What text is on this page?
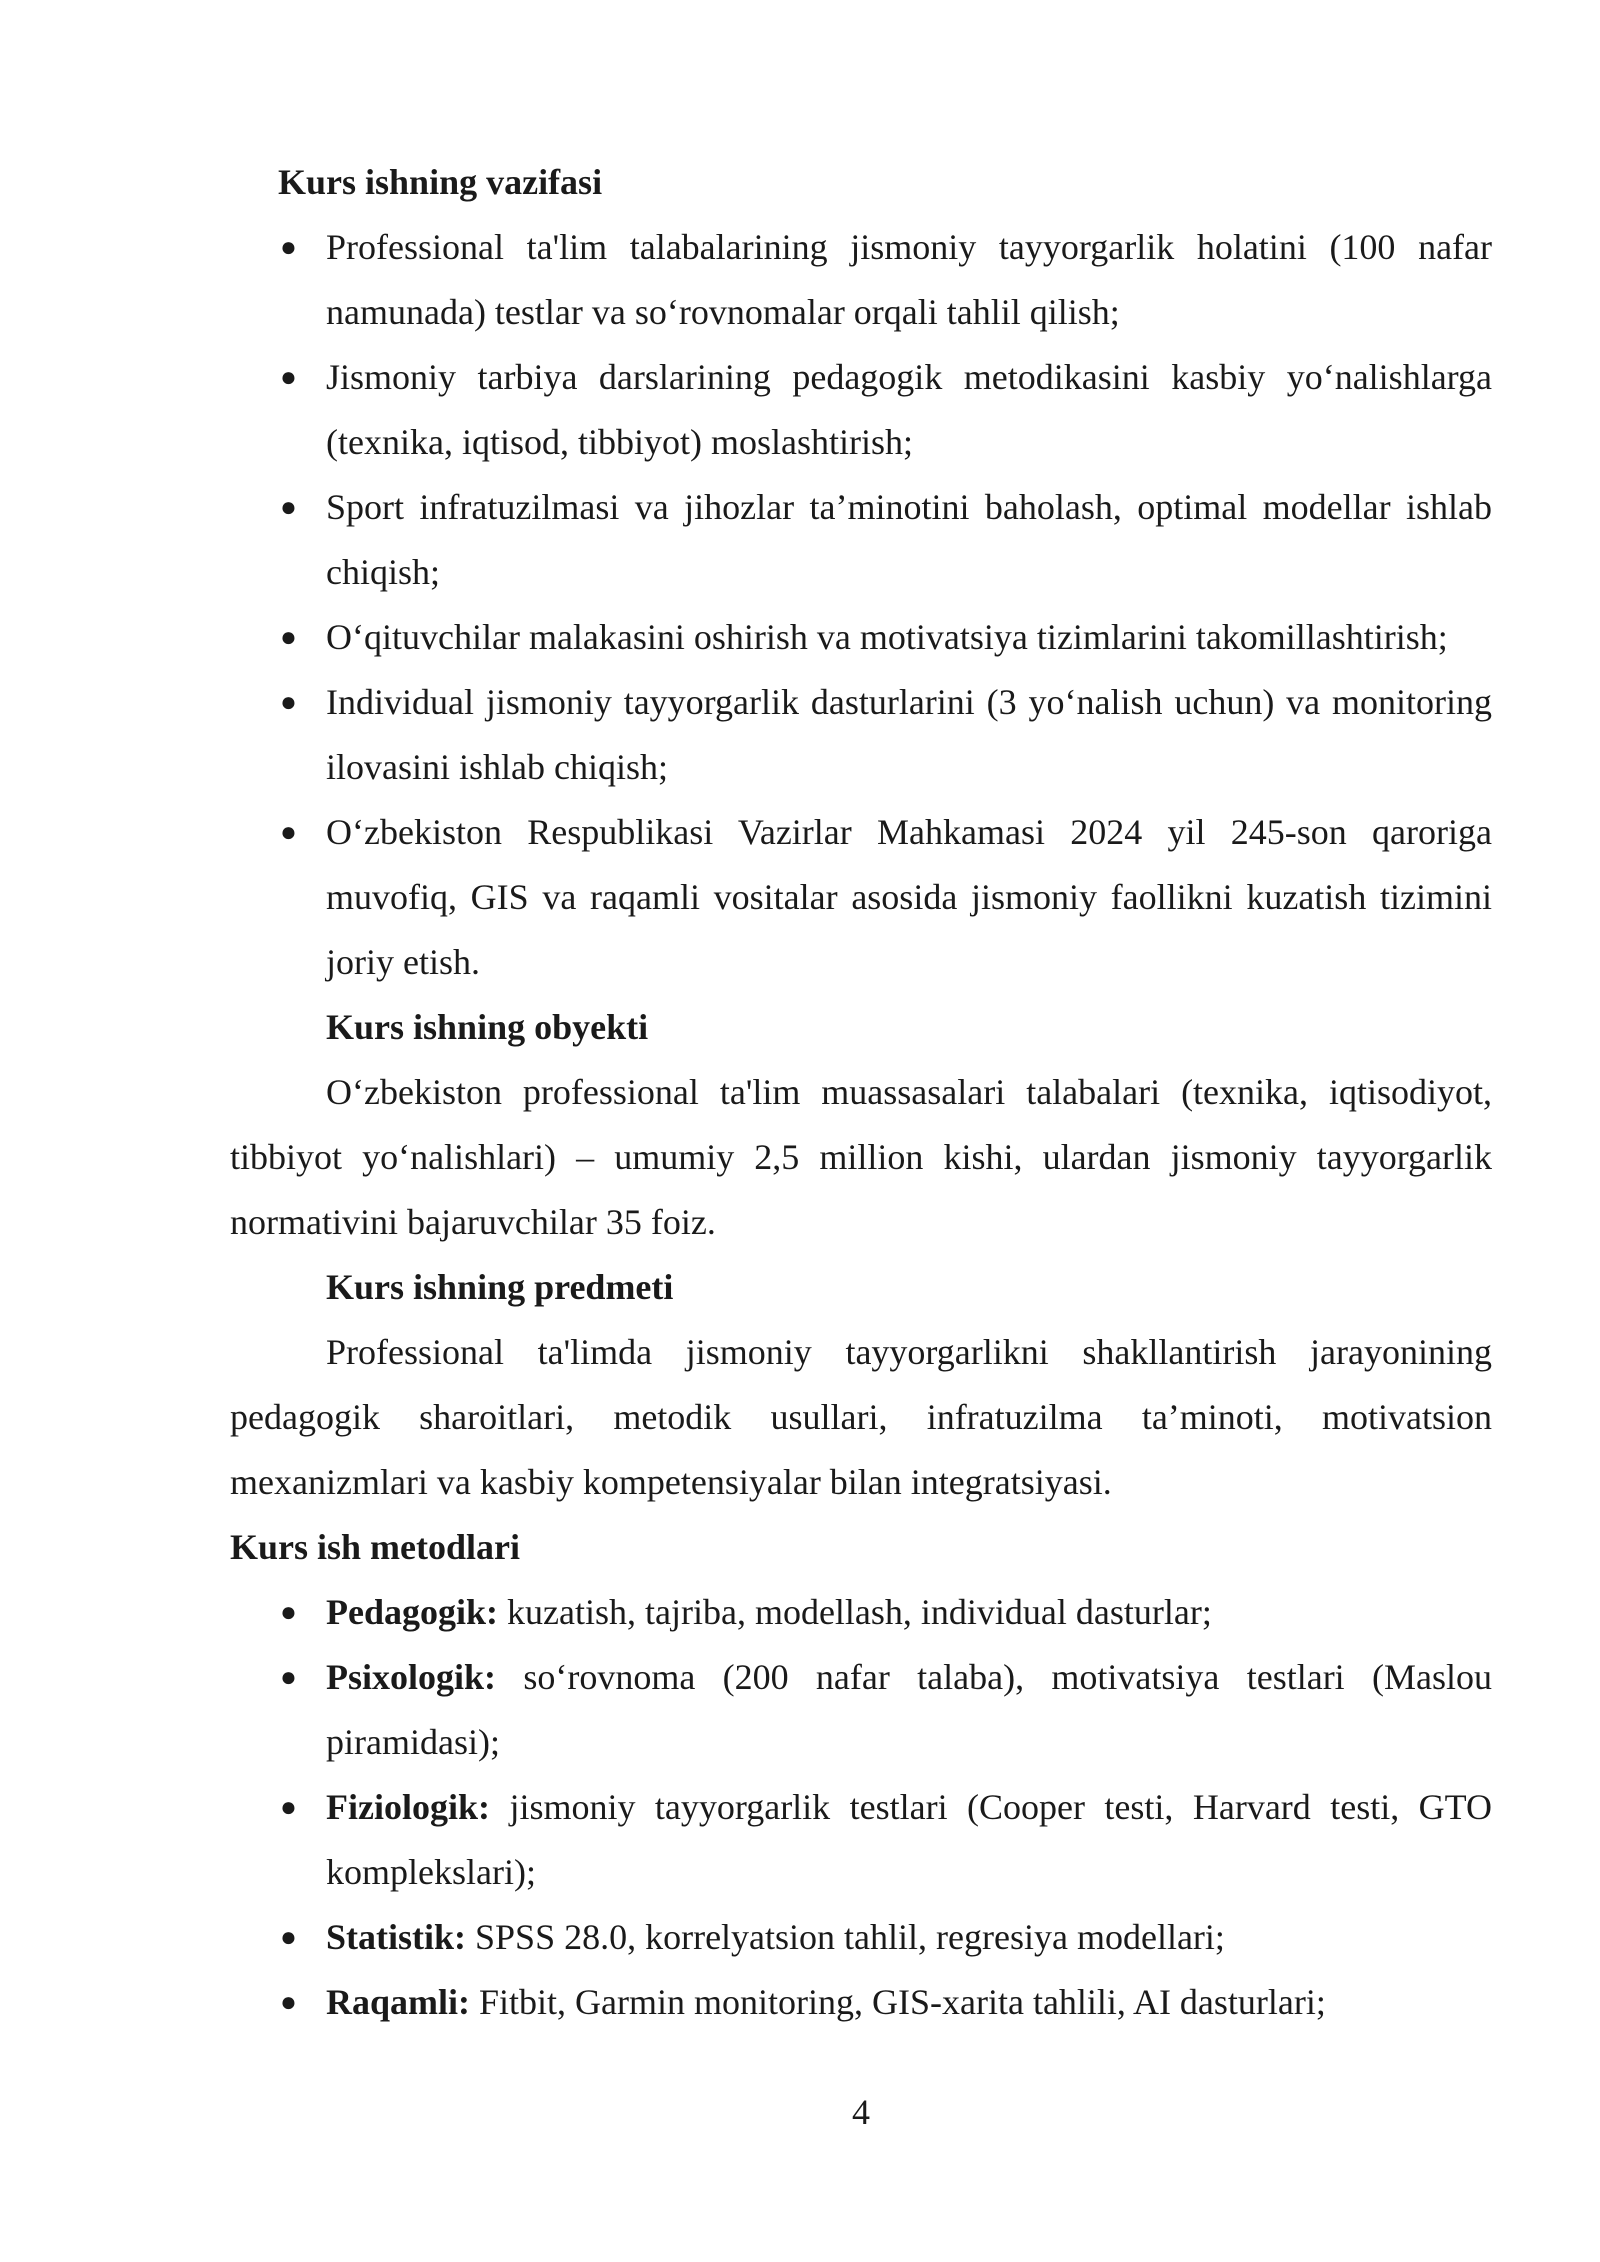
Kurs ishning vazifasi

● Professional ta'lim talabalarining jismoniy tayyorgarlik holatini (100 nafar namunada) testlar va so‘rovnomalar orqali tahlil qilish;
● Jismoniy tarbiya darslarining pedagogik metodikasini kasbiy yo‘nalishlarga (texnika, iqtisod, tibbiyot) moslashtirish;
● Sport infratuzilmasi va jihozlar ta’minotini baholash, optimal modellar ishlab chiqish;
● O‘qituvchilar malakasini oshirish va motivatsiya tizimlarini takomillashtirish;
● Individual jismoniy tayyorgarlik dasturlarini (3 yo‘nalish uchun) va monitoring ilovasini ishlab chiqish;
● O‘zbekiston Respublikasi Vazirlar Mahkamasi 2024 yil 245-son qaroriga muvofiq, GIS va raqamli vositalar asosida jismoniy faollikni kuzatish tizimini joriy etish.

Kurs ishning obyekti

O‘zbekiston professional ta'lim muassasalari talabalari (texnika, iqtisodiyot, tibbiyot yo‘nalishlari) – umumiy 2,5 million kishi, ulardan jismoniy tayyorgarlik normativini bajaruvchilar 35 foiz.

Kurs ishning predmeti

Professional ta'limda jismoniy tayyorgarlikni shakllantirish jarayonining pedagogik sharoitlari, metodik usullari, infratuzilma ta’minoti, motivatsion mexanizmlari va kasbiy kompetensiyalar bilan integratsiyasi.

Kurs ish metodlari

● Pedagogik: kuzatish, tajriba, modellash, individual dasturlar;
● Psixologik: so‘rovnoma (200 nafar talaba), motivatsiya testlari (Maslou piramidasi);
● Fiziologik: jismoniy tayyorgarlik testlari (Cooper testi, Harvard testi, GTO komplekslari);
● Statistik: SPSS 28.0, korrelyatsion tahlil, regresiya modellari;
● Raqamli: Fitbit, Garmin monitoring, GIS-xarita tahlili, AI dasturlari;
4
